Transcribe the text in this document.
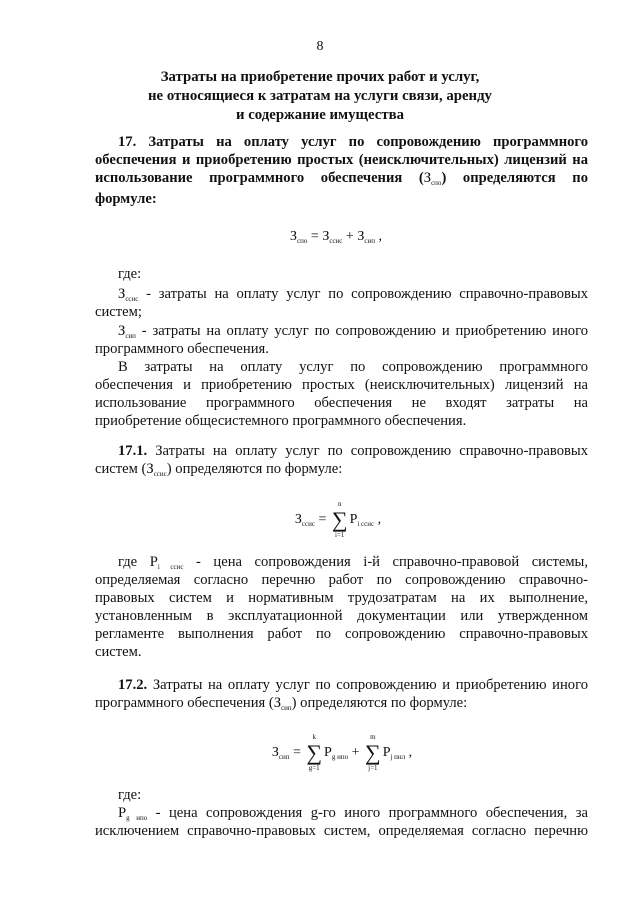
8
Затраты на приобретение прочих работ и услуг,
не относящиеся к затратам на услуги связи, аренду
и содержание имущества
17. Затраты на оплату услуг по сопровождению программного
обеспечения и приобретению простых (неисключительных) лицензий на
использование программного обеспечения $(З_{спо})$ определяются по
формуле:
$З_{спо} = З_{ссиc} + З_{сип}$ ,
где:
$З_{ссис}$ - затраты на оплату услуг по сопровождению справочно-правовых
систем;
$З_{сип}$ - затраты на оплату услуг по сопровождению и приобретению иного
программного обеспечения.
В затраты на оплату услуг по сопровождению программного
обеспечения и приобретению простых (неисключительных) лицензий на
использование программного обеспечения не входят затраты на
приобретение общесистемного программного обеспечения.
17.1. Затраты на оплату услуг по сопровождению справочно-правовых
систем $(З_{ссис})$ определяются по формуле:
$З_{ссис}$ =
n
∑
i=1
$P_{i ссис}$ ,
где $P_{i ссис}$ - цена сопровождения i-й справочно-правовой системы,
определяемая согласно перечню работ по сопровождению справочно-
правовых систем и нормативным трудозатратам на их выполнение,
установленным в эксплуатационной документации или утвержденном
регламенте выполнения работ по сопровождению справочно-правовых
систем.
17.2. Затраты на оплату услуг по сопровождению и приобретению иного
программного обеспечения $(З_{сип})$ определяются по формуле:
$З_{сип}$ =
k
∑
g=1
$P_{g ипо}$ +
m
∑
j=1
$P_{j пнл}$ ,
где:
$P_{g ипо}$ - цена сопровождения g-го иного программного обеспечения, за
исключением справочно-правовых систем, определяемая согласно перечню
